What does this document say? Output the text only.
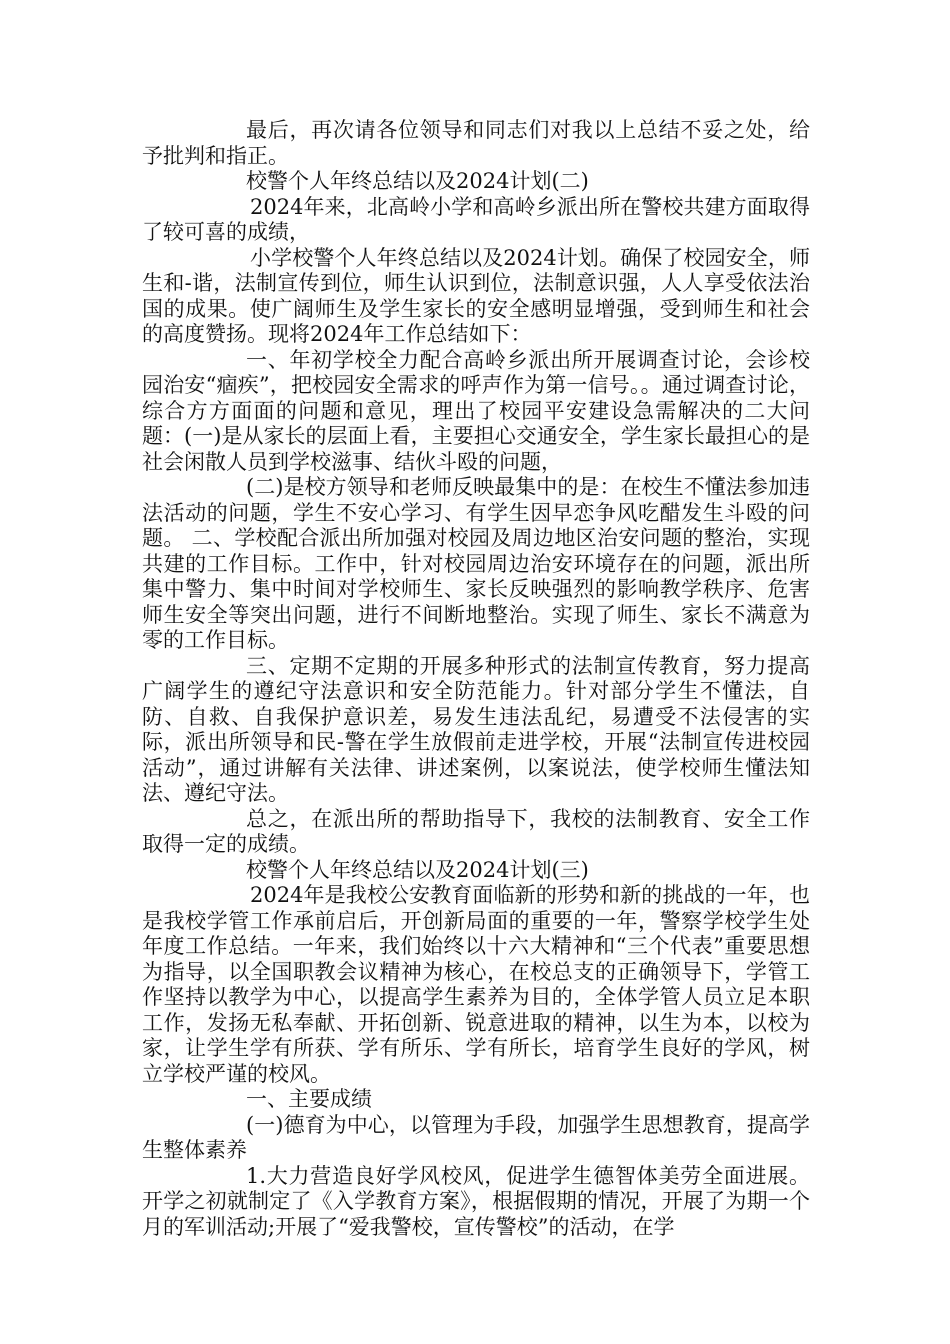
最后，再次请各位领导和同志们对我以上总结不妥之处，给予批判和指正。

校警个人年终总结以及2024计划(二)

2024年来，北高岭小学和高岭乡派出所在警校共建方面取得了较可喜的成绩，

小学校警个人年终总结以及2024计划。确保了校园安全，师生和-谐，法制宣传到位，师生认识到位，法制意识强，人人享受依法治国的成果。使广阔师生及学生家长的安全感明显增强，受到师生和社会的高度赞扬。现将2024年工作总结如下：

一、年初学校全力配合高岭乡派出所开展调查讨论，会诊校园治安“痼疾”，把校园安全需求的呼声作为第一信号。。通过调查讨论，综合方方面面的问题和意见，理出了校园平安建设急需解决的二大问题：(一)是从家长的层面上看，主要担心交通安全，学生家长最担心的是社会闲散人员到学校滋事、结伙斗殴的问题，

(二)是校方领导和老师反映最集中的是：在校生不懂法参加违法活动的问题，学生不安心学习、有学生因早恋争风吃醋发生斗殴的问题。 二、学校配合派出所加强对校园及周边地区治安问题的整治，实现共建的工作目标。工作中，针对校园周边治安环境存在的问题，派出所集中警力、集中时间对学校师生、家长反映强烈的影响教学秩序、危害师生安全等突出问题，进行不间断地整治。实现了师生、家长不满意为零的工作目标。

三、定期不定期的开展多种形式的法制宣传教育，努力提高广阔学生的遵纪守法意识和安全防范能力。针对部分学生不懂法，自防、自救、自我保护意识差，易发生违法乱纪，易遭受不法侵害的实际，派出所领导和民-警在学生放假前走进学校，开展“法制宣传进校园活动”，通过讲解有关法律、讲述案例，以案说法，使学校师生懂法知法、遵纪守法。

总之，在派出所的帮助指导下，我校的法制教育、安全工作取得一定的成绩。

校警个人年终总结以及2024计划(三)

2024年是我校公安教育面临新的形势和新的挑战的一年，也是我校学管工作承前启后，开创新局面的重要的一年，警察学校学生处年度工作总结。一年来，我们始终以十六大精神和“三个代表”重要思想为指导，以全国职教会议精神为核心，在校总支的正确领导下，学管工作坚持以教学为中心，以提高学生素养为目的，全体学管人员立足本职工作，发扬无私奉献、开拓创新、锐意进取的精神，以生为本，以校为家，让学生学有所获、学有所乐、学有所长，培育学生良好的学风，树立学校严谨的校风。

一、主要成绩

(一)德育为中心，以管理为手段，加强学生思想教育，提高学生整体素养

1.大力营造良好学风校风，促进学生德智体美劳全面进展。开学之初就制定了《入学教育方案》，根据假期的情况，开展了为期一个月的军训活动;开展了“爱我警校，宣传警校”的活动，在学
